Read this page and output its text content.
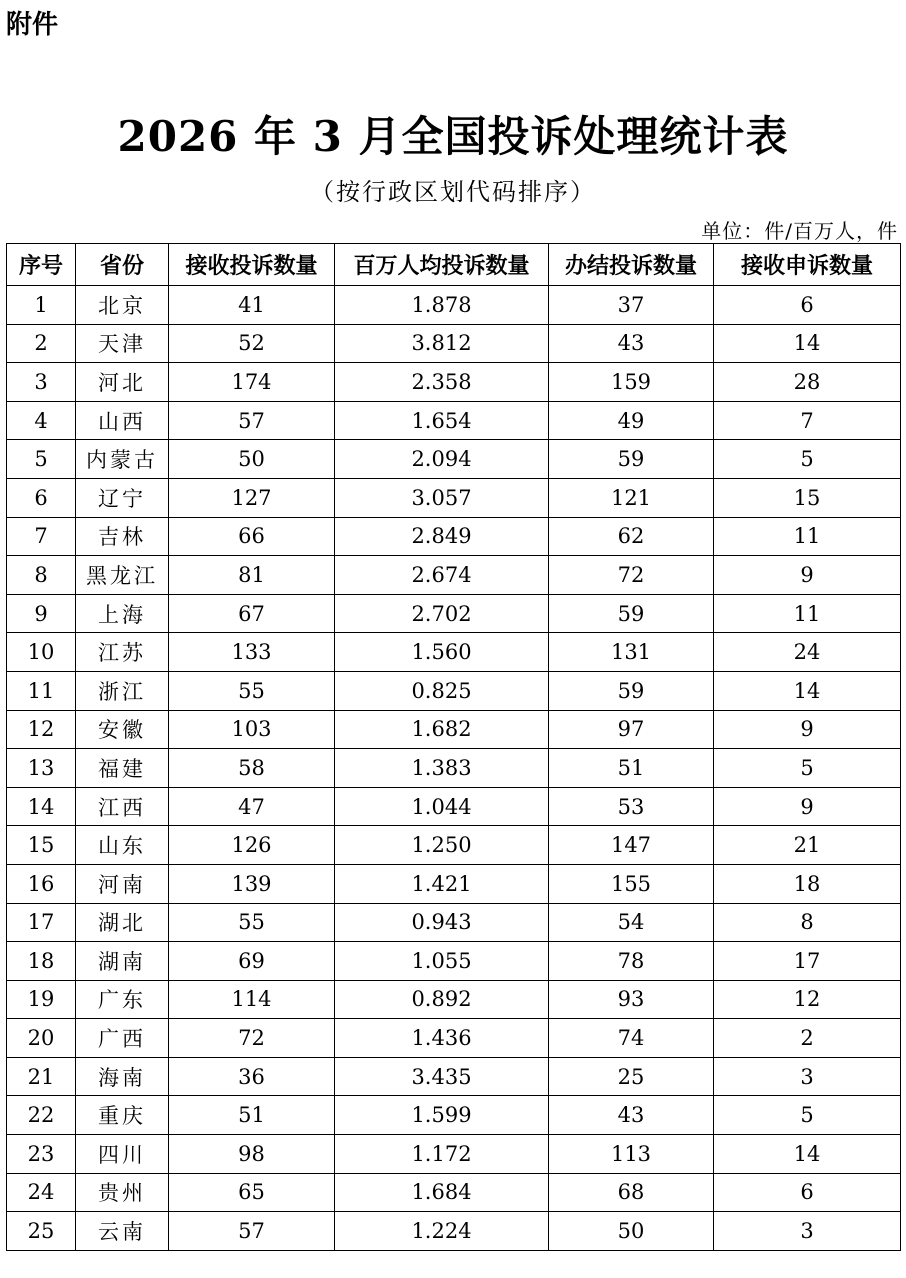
附件
2026 年 3 月全国投诉处理统计表
（按行政区划代码排序）
单位：件/百万人，件
序号	省份	接收投诉数量	百万人均投诉数量	办结投诉数量	接收申诉数量
1	北京	41	1.878	37	6
2	天津	52	3.812	43	14
3	河北	174	2.358	159	28
4	山西	57	1.654	49	7
5	内蒙古	50	2.094	59	5
6	辽宁	127	3.057	121	15
7	吉林	66	2.849	62	11
8	黑龙江	81	2.674	72	9
9	上海	67	2.702	59	11
10	江苏	133	1.560	131	24
11	浙江	55	0.825	59	14
12	安徽	103	1.682	97	9
13	福建	58	1.383	51	5
14	江西	47	1.044	53	9
15	山东	126	1.250	147	21
16	河南	139	1.421	155	18
17	湖北	55	0.943	54	8
18	湖南	69	1.055	78	17
19	广东	114	0.892	93	12
20	广西	72	1.436	74	2
21	海南	36	3.435	25	3
22	重庆	51	1.599	43	5
23	四川	98	1.172	113	14
24	贵州	65	1.684	68	6
25	云南	57	1.224	50	3
